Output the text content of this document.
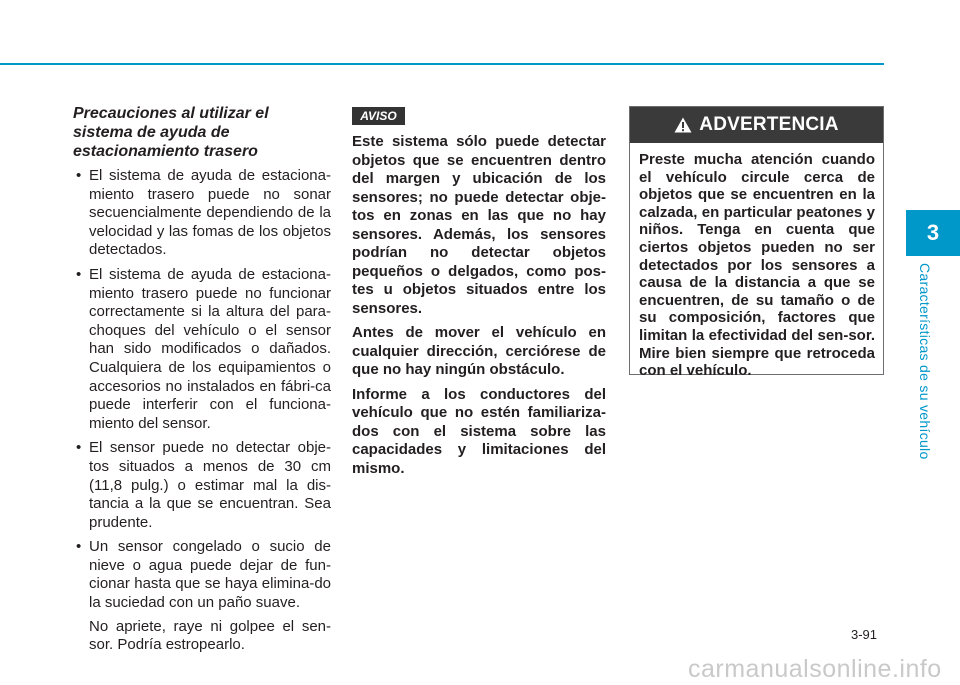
Precauciones al utilizar el
sistema de ayuda de
estacionamiento trasero
• El sistema de ayuda de estaciona-miento trasero puede no sonar secuencialmente dependiendo de la velocidad y las fomas de los objetos detectados.
• El sistema de ayuda de estaciona-miento trasero puede no funcionar correctamente si la altura del para-choques del vehículo o el sensor han sido modificados o dañados. Cualquiera de los equipamientos o accesorios no instalados en fábri-ca puede interferir con el funciona-miento del sensor.
• El sensor puede no detectar obje-tos situados a menos de 30 cm (11,8 pulg.) o estimar mal la dis-tancia a la que se encuentran. Sea prudente.
• Un sensor congelado o sucio de nieve o agua puede dejar de fun-cionar hasta que se haya elimina-do la suciedad con un paño suave.

No apriete, raye ni golpee el sen-sor. Podría estropearlo.

AVISO

Este sistema sólo puede detectar objetos que se encuentren dentro del margen y ubicación de los sensores; no puede detectar obje-tos en zonas en las que no hay sensores. Además, los sensores podrían no detectar objetos pequeños o delgados, como pos-tes u objetos situados entre los sensores.

Antes de mover el vehículo en cualquier dirección, cerciórese de que no hay ningún obstáculo.

Informe a los conductores del vehículo que no estén familiariza-dos con el sistema sobre las capacidades y limitaciones del mismo.

ADVERTENCIA
Preste mucha atención cuando el vehículo circule cerca de objetos que se encuentren en la calzada, en particular peatones y niños. Tenga en cuenta que ciertos objetos pueden no ser detectados por los sensores a causa de la distancia a que se encuentren, de su tamaño o de su composición, factores que limitan la efectividad del sen-sor. Mire bien siempre que retroceda con el vehículo.
3
Características de su vehículo
3-91
carmanualsonline.info
